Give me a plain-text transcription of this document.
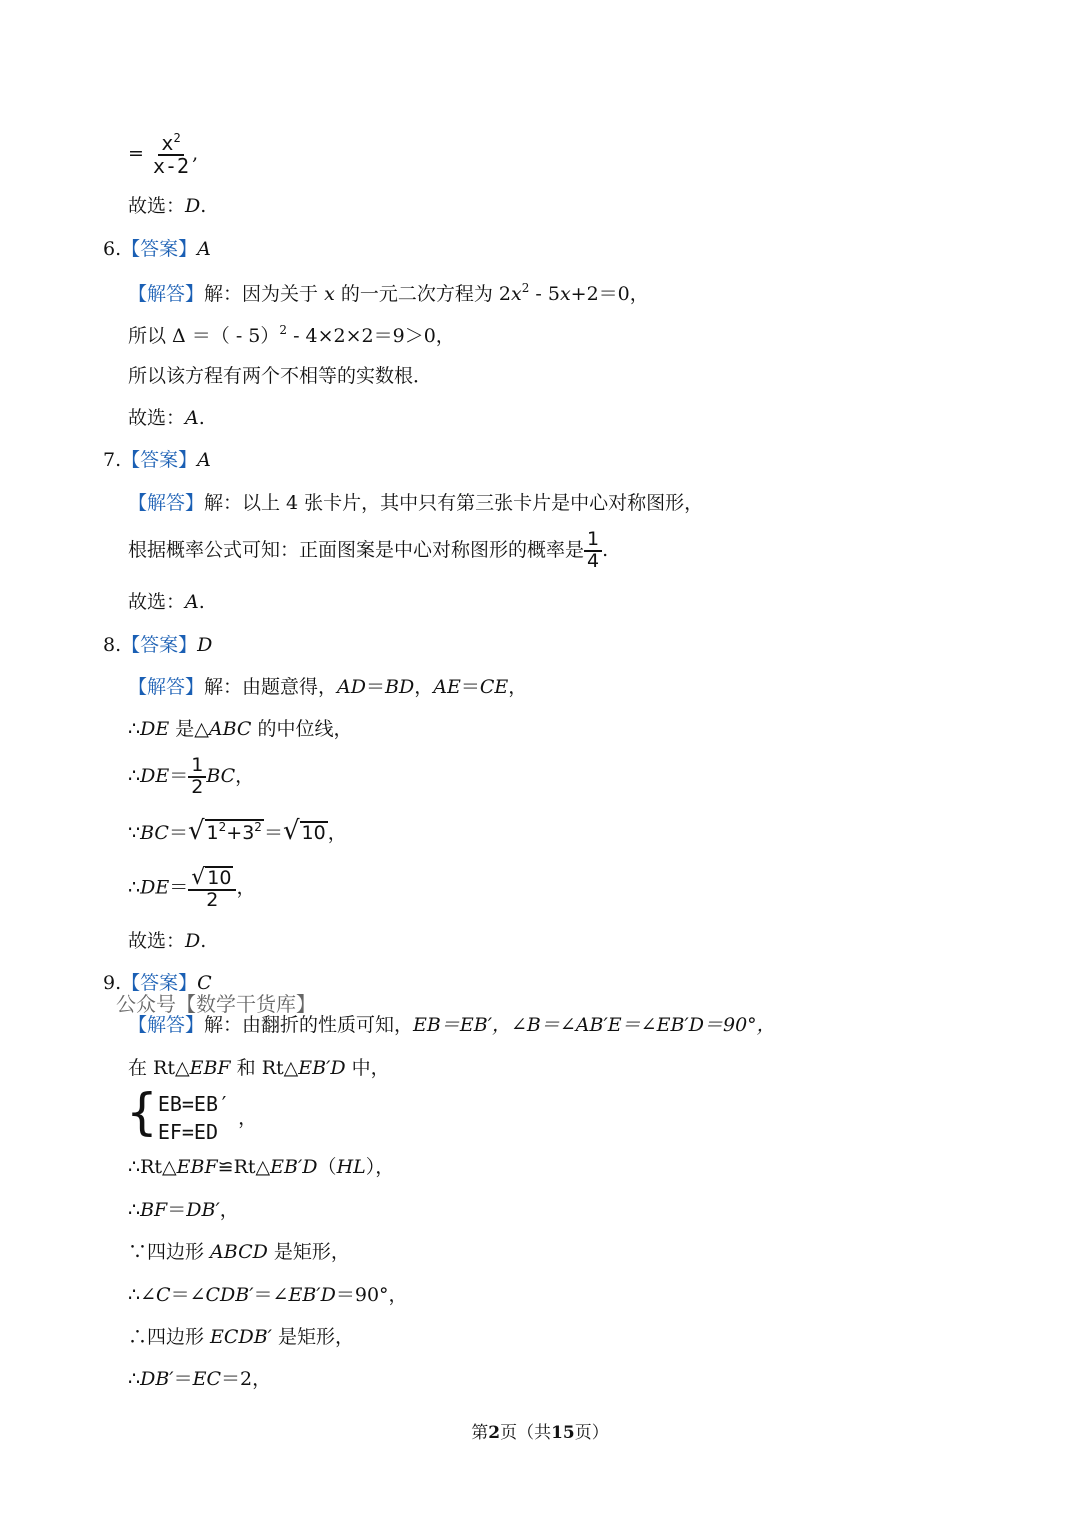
= $\frac{x^2}{x-2}$ ,
故选：D.
6.【答案】A
【解答】解：因为关于 x 的一元二次方程为 $2x^2 - 5x+2=0$，
所以 Δ ＝（ - 5）$^2$ - 4×2×2＝9＞0，
所以该方程有两个不相等的实数根．
故选：A.
7.【答案】A
【解答】解：以上 4 张卡片，其中只有第三张卡片是中心对称图形，
根据概率公式可知：正面图案是中心对称图形的概率是 $\frac{1}{4}$ .
故选：A.
8.【答案】D
【解答】解：由题意得，AD＝BD，AE＝CE，
∴DE 是△ABC 的中位线，
∴DE＝ $\frac{1}{2}$ BC，
∵BC＝ √ $1^2+3^2$ ＝ √ 10 ，
∴DE＝ $\frac{√ 10}{2}$ ，
故选：D.
9.【答案】C
公众号【数学干货库】
【解答】解：由翻折的性质可知，EB＝EB′，∠B＝∠AB′E＝∠EB′D＝90°，
在 Rt△EBF 和 Rt△EB′D 中，
{ EB=EB′
EF=ED
，
∴Rt△EBF≌Rt△EB′D（HL），
∴BF＝DB′，
∵四边形 ABCD 是矩形，
∴∠C＝∠CDB′＝∠EB′D＝90°，
∴四边形 ECDB′ 是矩形，
∴DB′＝EC＝2，
第2页（共15页）
